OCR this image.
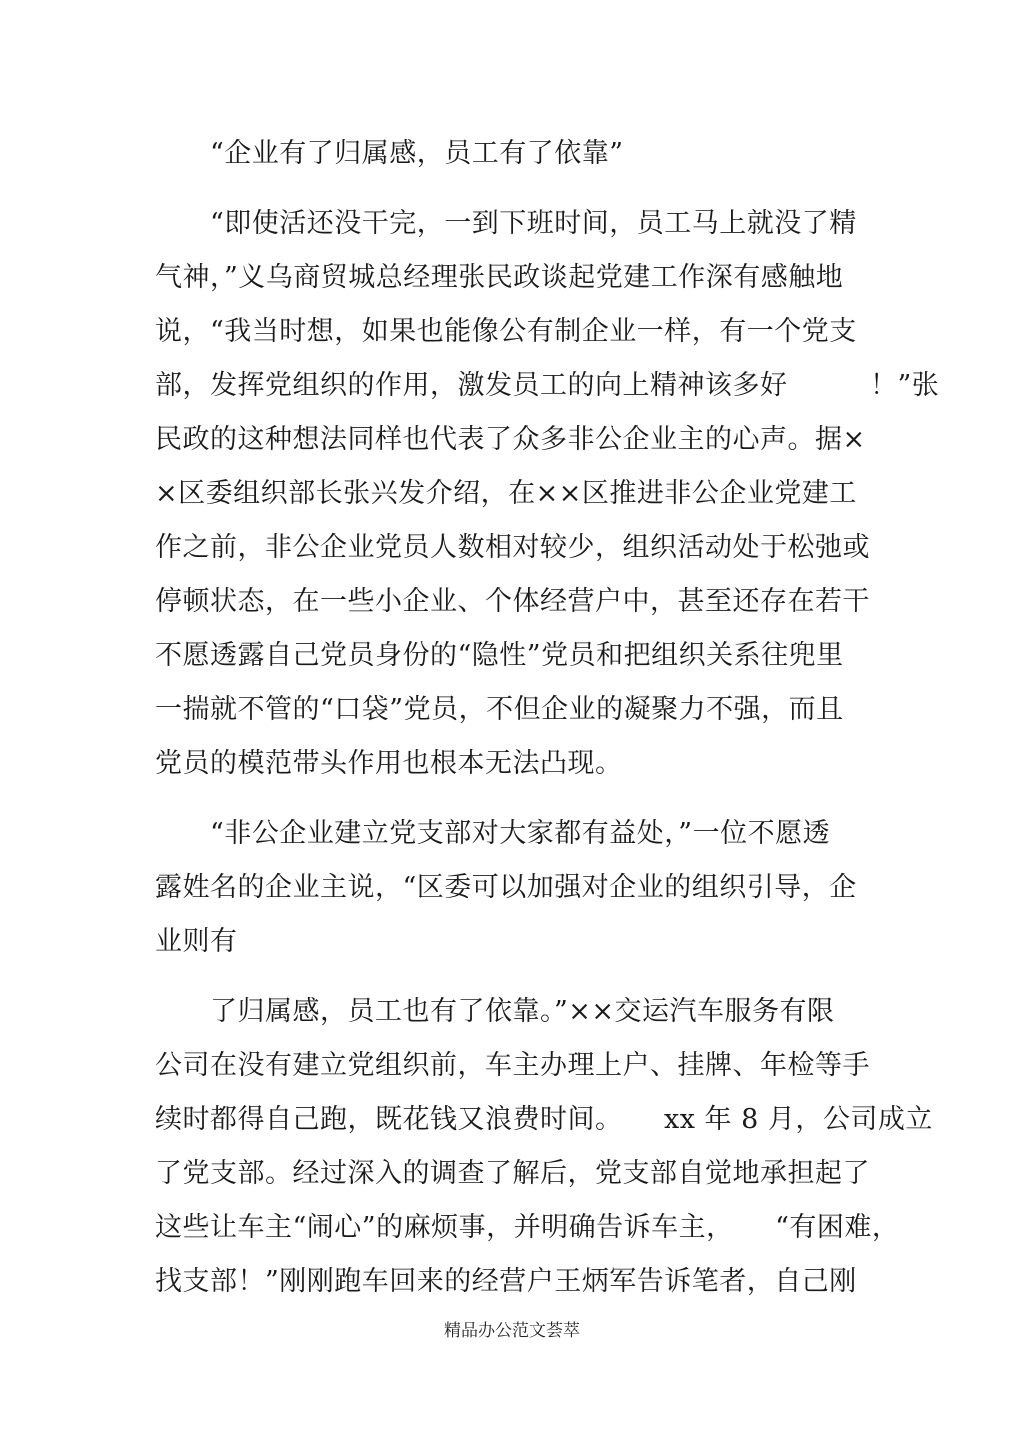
“企业有了归属感，员工有了依靠”
“即使活还没干完，一到下班时间，员工马上就没了精
气神，”义乌商贸城总经理张民政谈起党建工作深有感触地
说，“我当时想，如果也能像公有制企业一样，有一个党支
部，发挥党组织的作用，激发员工的向上精神该多好　　　！”张
民政的这种想法同样也代表了众多非公企业主的心声。据×
×区委组织部长张兴发介绍，在××区推进非公企业党建工
作之前，非公企业党员人数相对较少，组织活动处于松弛或
停顿状态，在一些小企业、个体经营户中，甚至还存在若干
不愿透露自己党员身份的“隐性”党员和把组织关系往兜里
一揣就不管的“口袋”党员，不但企业的凝聚力不强，而且
党员的模范带头作用也根本无法凸现。
“非公企业建立党支部对大家都有益处，”一位不愿透
露姓名的企业主说，“区委可以加强对企业的组织引导，企
业则有
了归属感，员工也有了依靠。”××交运汽车服务有限
公司在没有建立党组织前，车主办理上户、挂牌、年检等手
续时都得自己跑，既花钱又浪费时间。　　xx 年 8 月，公司成立
了党支部。经过深入的调查了解后，党支部自觉地承担起了
这些让车主“闹心”的麻烦事，并明确告诉车主，　　“有困难，
找支部！”刚刚跑车回来的经营户王炳军告诉笔者，自己刚
精品办公范文荟萃
